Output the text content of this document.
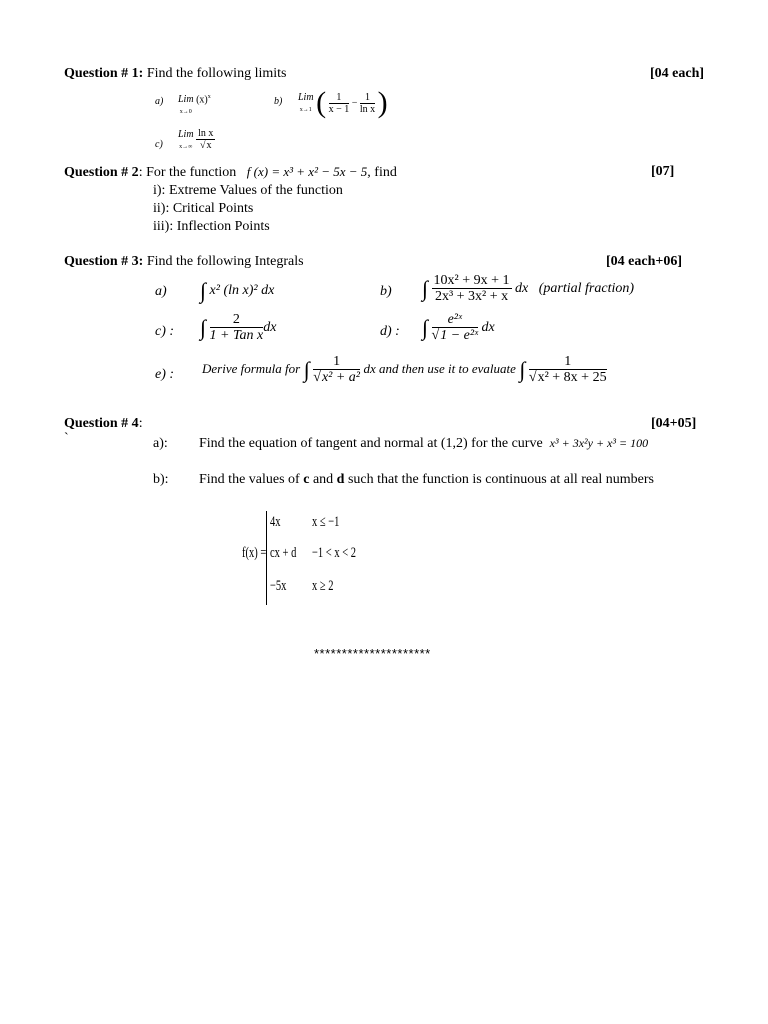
Question # 1: Find the following limits	[04 each]
a) Lim
x→0 $(x)^x$	b) Lim
x→1 ( $\frac{1}{x - 1} - \frac{1}{\text{ln x}}$ )
c)
Lim
$x\to\infty \frac{\text{ln x}}{√x}$
Question # 2: For the function f (x) = x³ + x² − 5x − 5, find	[07]
i): Extreme Values of the function
ii): Critical Points
iii): Inflection Points
Question # 3: Find the following Integrals	[04 each+06]
a) ∫ x² (ln x)² dx	b) ∫ $\frac{\text{10x² + 9x + 1}}{\text{2x³ + 3x² + x}}$ dx (partial fraction)
c) : ∫ $\frac{2}{\text{1 + Tan x}}$ dx	d) : ∫ $\frac{\text{e²ˣ}}{\text{√1 − e²ˣ}}$ dx
e) : Derive formula for ∫ $\frac{1}{\text{√x² + a²}}$ dx and then use it to evaluate ∫ $\frac{1}{\text{√x² + 8x + 25}}$
Question # 4:	[04+05]
`	a): Find the equation of tangent and normal at (1,2) for the curve x³ + 3x²y + x³ = 100
b): Find the values of c and d such that the function is continuous at all real numbers
f(x) =
4x x ≤ −1
cx + d −1 < x < 2
−5x x ≥ 2
*********************
